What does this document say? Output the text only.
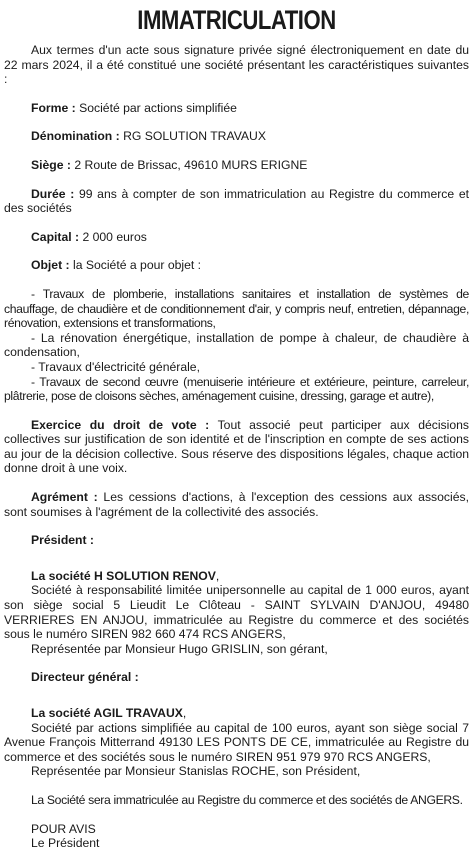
IMMATRICULATION

Aux termes d'un acte sous signature privée signé électroniquement en date du 22 mars 2024, il a été constitué une société présentant les caractéristiques suivantes :

Forme : Société par actions simplifiée

Dénomination : RG SOLUTION TRAVAUX

Siège : 2 Route de Brissac, 49610 MURS ERIGNE

Durée : 99 ans à compter de son immatriculation au Registre du commerce et des sociétés

Capital : 2 000 euros

Objet : la Société a pour objet :

- Travaux de plomberie, installations sanitaires et installation de systèmes de chauffage, de chaudière et de conditionnement d'air, y compris neuf, entretien, dépannage, rénovation, extensions et transformations,

- La rénovation énergétique, installation de pompe à chaleur, de chaudière à condensation,

- Travaux d'électricité générale,

- Travaux de second œuvre (menuiserie intérieure et extérieure, peinture, carreleur, plâtrerie, pose de cloisons sèches, aménagement cuisine, dressing, garage et autre),

Exercice du droit de vote : Tout associé peut participer aux décisions collectives sur justification de son identité et de l'inscription en compte de ses actions au jour de la décision collective. Sous réserve des dispositions légales, chaque action donne droit à une voix.

Agrément : Les cessions d'actions, à l'exception des cessions aux associés, sont soumises à l'agrément de la collectivité des associés.

Président :

La société H SOLUTION RENOV,

Société à responsabilité limitée unipersonnelle au capital de 1 000 euros, ayant son siège social 5 Lieudit Le Clôteau - SAINT SYLVAIN D'ANJOU, 49480 VERRIERES EN ANJOU, immatriculée au Registre du commerce et des sociétés sous le numéro SIREN 982 660 474 RCS ANGERS,

Représentée par Monsieur Hugo GRISLIN, son gérant,

Directeur général :

La société AGIL TRAVAUX,

Société par actions simplifiée au capital de 100 euros, ayant son siège social 7 Avenue François Mitterrand 49130 LES PONTS DE CE, immatriculée au Registre du commerce et des sociétés sous le numéro SIREN 951 979 970 RCS ANGERS,

Représentée par Monsieur Stanislas ROCHE, son Président,

La Société sera immatriculée au Registre du commerce et des sociétés de ANGERS.

POUR AVIS

Le Président
